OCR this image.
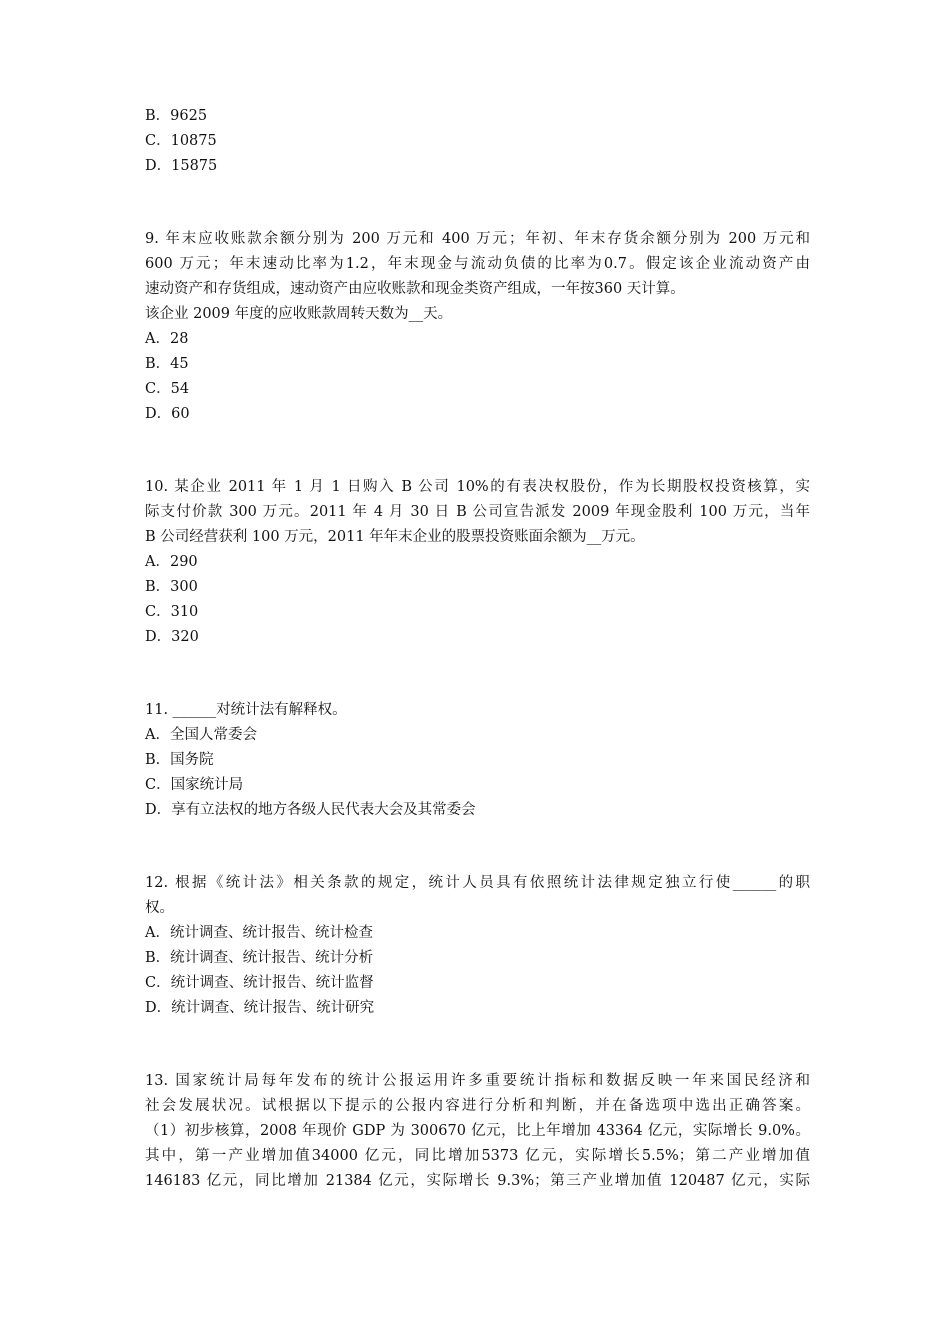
B．9625
C．10875
D．15875
9. 年末应收账款余额分别为 200 万元和 400 万元；年初、年末存货余额分别为 200 万元和
600 万元；年末速动比率为1.2，年末现金与流动负债的比率为0.7。假定该企业流动资产由
速动资产和存货组成，速动资产由应收账款和现金类资产组成，一年按360 天计算。
该企业 2009 年度的应收账款周转天数为__天。
A．28
B．45
C．54
D．60
10. 某企业 2011 年 1 月 1 日购入 B 公司 10%的有表决权股份，作为长期股权投资核算，实
际支付价款 300 万元。2011 年 4 月 30 日 B 公司宣告派发 2009 年现金股利 100 万元，当年
B 公司经营获利 100 万元，2011 年年末企业的股票投资账面余额为__万元。
A．290
B．300
C．310
D．320
11. ______对统计法有解释权。
A．全国人常委会
B．国务院
C．国家统计局
D．享有立法权的地方各级人民代表大会及其常委会
12. 根据《统计法》相关条款的规定，统计人员具有依照统计法律规定独立行使______的职
权。
A．统计调查、统计报告、统计检查
B．统计调查、统计报告、统计分析
C．统计调查、统计报告、统计监督
D．统计调查、统计报告、统计研究
13. 国家统计局每年发布的统计公报运用许多重要统计指标和数据反映一年来国民经济和
社会发展状况。试根据以下提示的公报内容进行分析和判断，并在备选项中选出正确答案。
（1）初步核算，2008 年现价 GDP 为 300670 亿元，比上年增加 43364 亿元，实际增长 9.0%。
其中，第一产业增加值34000 亿元，同比增加5373 亿元，实际增长5.5%；第二产业增加值
146183 亿元，同比增加 21384 亿元，实际增长 9.3%；第三产业增加值 120487 亿元，实际
